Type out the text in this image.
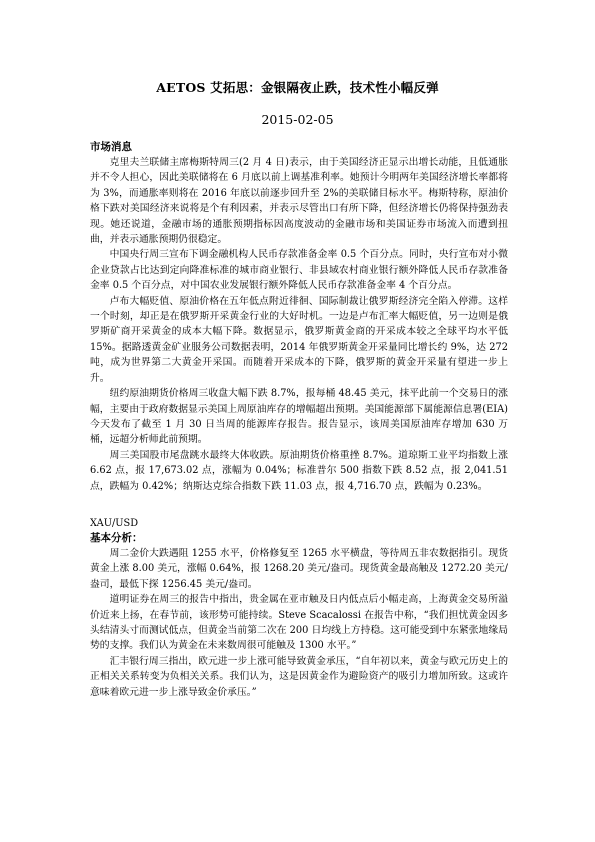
AETOS 艾拓思：金银隔夜止跌，技术性小幅反弹
2015-02-05

市场消息

克里夫兰联储主席梅斯特周三(2 月 4 日)表示，由于美国经济正显示出增长动能，且低通胀并不令人担心，因此美联储将在 6 月底以前上调基准利率。她预计今明两年美国经济增长率都将为 3%，而通胀率则将在 2016 年底以前逐步回升至 2%的美联储目标水平。梅斯特称，原油价格下跌对美国经济来说将是个有利因素，并表示尽管出口有所下降，但经济增长仍将保持强劲表现。她还说道，金融市场的通胀预期指标因高度波动的金融市场和美国证券市场流入而遭到扭曲，并表示通胀预期仍很稳定。

中国央行周三宣布下调金融机构人民币存款准备金率 0.5 个百分点。同时，央行宣布对小微企业贷款占比达到定向降准标准的城市商业银行、非县域农村商业银行额外降低人民币存款准备金率 0.5 个百分点，对中国农业发展银行额外降低人民币存款准备金率 4 个百分点。

卢布大幅贬值、原油价格在五年低点附近徘徊、国际制裁让俄罗斯经济完全陷入停滞。这样一个时刻，却正是在俄罗斯开采黄金行业的大好时机。一边是卢布汇率大幅贬值，另一边则是俄罗斯矿商开采黄金的成本大幅下降。数据显示，俄罗斯黄金商的开采成本较之全球平均水平低 15%。据路透黄金矿业服务公司数据表明，2014 年俄罗斯黄金开采量同比增长约 9%，达 272 吨，成为世界第二大黄金开采国。而随着开采成本的下降，俄罗斯的黄金开采量有望进一步上升。

纽约原油期货价格周三收盘大幅下跌 8.7%，报每桶 48.45 美元，抹平此前一个交易日的涨幅，主要由于政府数据显示美国上周原油库存的增幅超出预期。美国能源部下属能源信息署(EIA)今天发布了截至 1 月 30 日当周的能源库存报告。报告显示，该周美国原油库存增加 630 万桶，远超分析师此前预期。

周三美国股市尾盘跳水最终大体收跌。原油期货价格重挫 8.7%。道琼斯工业平均指数上涨 6.62 点，报 17,673.02 点，涨幅为 0.04%；标准普尔 500 指数下跌 8.52 点，报 2,041.51 点，跌幅为 0.42%；纳斯达克综合指数下跌 11.03 点，报 4,716.70 点，跌幅为 0.23%。

XAU/USD

基本分析：

周二金价大跌遇阻 1255 水平，价格修复至 1265 水平横盘，等待周五非农数据指引。现货黄金上涨 8.00 美元，涨幅 0.64%，报 1268.20 美元/盎司。现货黄金最高触及 1272.20 美元/盎司，最低下探 1256.45 美元/盎司。

道明证券在周三的报告中指出，贵金属在亚市触及日内低点后小幅走高，上海黄金交易所溢价近来上扬，在春节前，该形势可能持续。Steve Scacalossi 在报告中称，“我们担忧黄金因多头结清头寸而测试低点，但黄金当前第二次在 200 日均线上方持稳。这可能受到中东紧张地缘局势的支撑。我们认为黄金在未来数周很可能触及 1300 水平。”

汇丰银行周三指出，欧元进一步上涨可能导致黄金承压，“自年初以来，黄金与欧元历史上的正相关关系转变为负相关关系。我们认为，这是因黄金作为避险资产的吸引力增加所致。这或许意味着欧元进一步上涨导致金价承压。”
